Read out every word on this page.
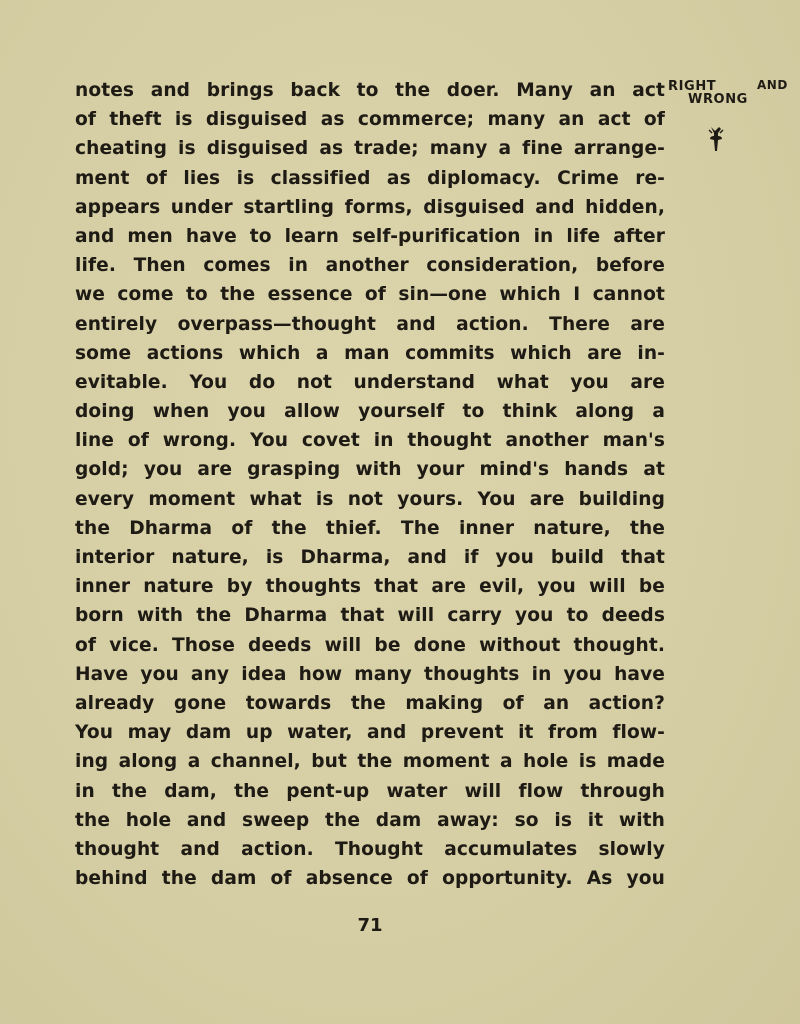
notes and brings back to the doer. Many an act
of theft is disguised as commerce; many an act of
cheating is disguised as trade; many a fine arrange-
ment of lies is classified as diplomacy. Crime re-
appears under startling forms, disguised and hidden,
and men have to learn self-purification in life after
life. Then comes in another consideration, before
we come to the essence of sin—one which I cannot
entirely overpass—thought and action. There are
some actions which a man commits which are in-
evitable. You do not understand what you are
doing when you allow yourself to think along a
line of wrong. You covet in thought another man's
gold; you are grasping with your mind's hands at
every moment what is not yours. You are building
the Dharma of the thief. The inner nature, the
interior nature, is Dharma, and if you build that
inner nature by thoughts that are evil, you will be
born with the Dharma that will carry you to deeds
of vice. Those deeds will be done without thought.
Have you any idea how many thoughts in you have
already gone towards the making of an action?
You may dam up water, and prevent it from flow-
ing along a channel, but the moment a hole is made
in the dam, the pent-up water will flow through
the hole and sweep the dam away: so is it with
thought and action. Thought accumulates slowly
behind the dam of absence of opportunity. As you
RIGHT	AND
WRONG
71
